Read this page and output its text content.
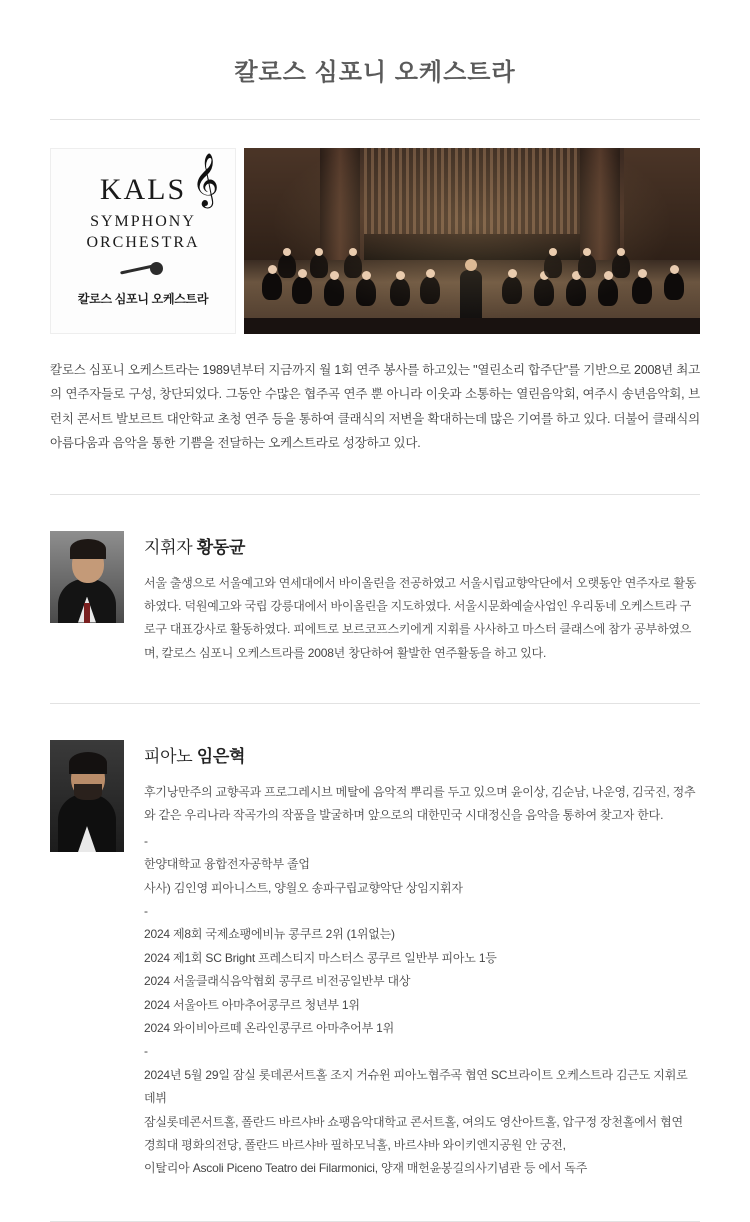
칼로스 심포니 오케스트라
KALS 𝄞
SYMPHONY
ORCHESTRA
칼로스 심포니 오케스트라
칼로스 심포니 오케스트라는 1989년부터 지금까지 월 1회 연주 봉사를 하고있는 "열린소리 합주단"를 기반으로 2008년 최고의 연주자들로 구성, 창단되었다. 그동안 수많은 협주곡 연주 뿐 아니라 이웃과 소통하는 열린음악회, 여주시 송년음악회, 브런치 콘서트 발보르트 대안학교 초청 연주 등을 통하여 클래식의 저변을 확대하는데 많은 기여를 하고 있다. 더불어 클래식의 아름다움과 음악을 통한 기쁨을 전달하는 오케스트라로 성장하고 있다.
지휘자 황동균
서울 출생으로 서울예고와 연세대에서 바이올린을 전공하였고 서울시립교향악단에서 오랫동안 연주자로 활동 하였다. 덕원예고와 국립 강릉대에서 바이올린을 지도하였다. 서울시문화예술사업인 우리동네 오케스트라 구로구 대표강사로 활동하였다. 피에트로 보르코프스키에게 지휘를 사사하고 마스터 클래스에 참가 공부하였으며, 칼로스 심포니 오케스트라를 2008년 창단하여 활발한 연주활동을 하고 있다.
피아노 임은혁
후기낭만주의 교향곡과 프로그레시브 메탈에 음악적 뿌리를 두고 있으며 윤이상, 김순남, 나운영, 김국진, 정추와 같은 우리나라 작곡가의 작품을 발굴하며 앞으로의 대한민국 시대정신을 음악을 통하여 찾고자 한다.
-
한양대학교 융합전자공학부 졸업
사사) 김인영 피아니스트, 양읠오 송파구립교향악단 상임지휘자
-
2024 제8회 국제쇼팽에비뉴 콩쿠르 2위 (1위없는)
2024 제1회 SC Bright 프레스티지 마스터스 콩쿠르 일반부 피아노 1등
2024 서울클래식음악협회 콩쿠르 비전공일반부 대상
2024 서울아트 아마추어콩쿠르 청년부 1위
2024 와이비아르떼 온라인콩쿠르 아마추어부 1위
-
2024년 5월 29일 잠실 롯데콘서트홀 조지 거슈윈 피아노협주곡 협연 SC브라이트 오케스트라 김근도 지휘로 데뷔
잠실롯데콘서트홀, 폴란드 바르샤바 쇼팽음악대학교 콘서트홀, 여의도 영산아트홀, 압구정 장천홀에서 협연
경희대 평화의전당, 폴란드 바르샤바 필하모닉홀, 바르샤바 와이키엔지공원 안 궁전,
이탈리아 Ascoli Piceno Teatro dei Filarmonici, 양재 매헌윤봉길의사기념관 등 에서 독주
